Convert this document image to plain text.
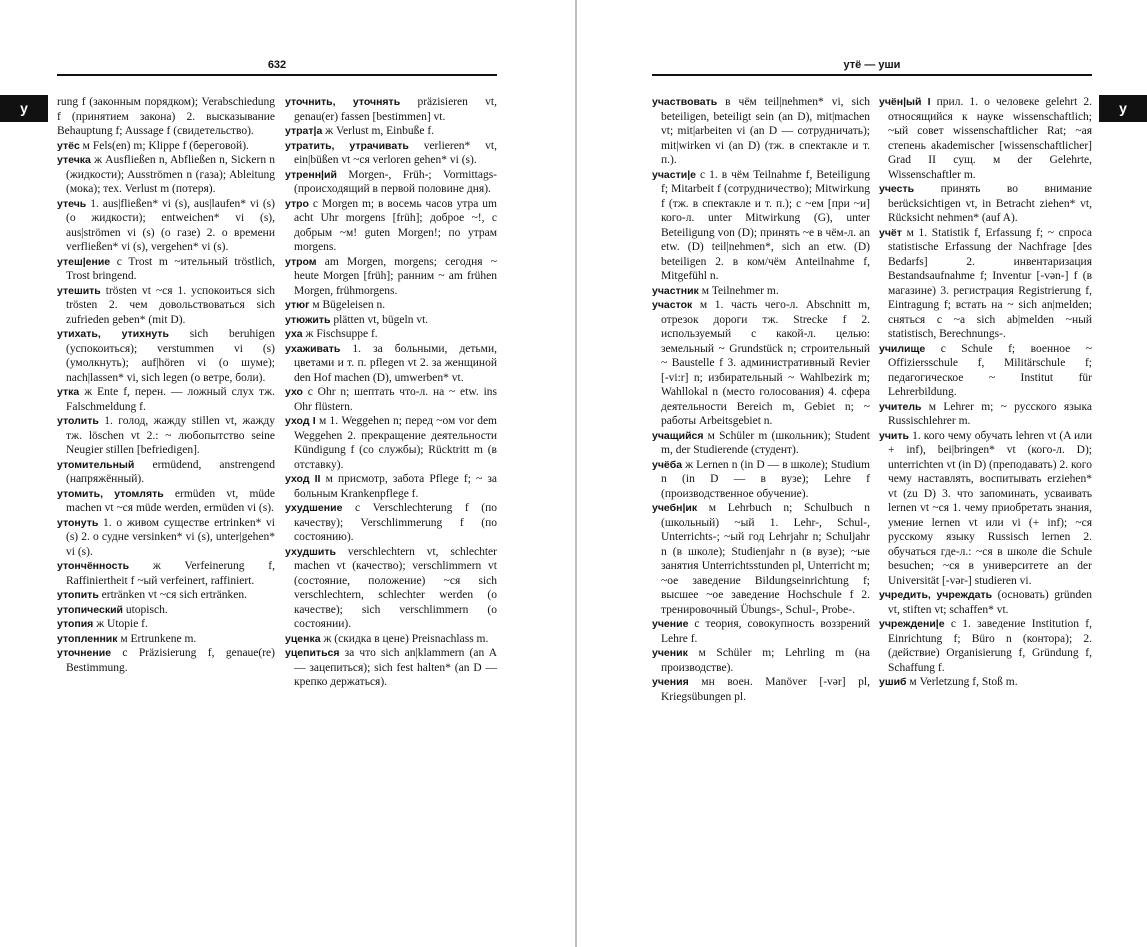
632
у	rung f (законным порядком); Verabschiedung f (принятием закона) 2. высказывание Behauptung f; Aussage f (свидетельство).

утёс м Fels(en) m; Klippe f (береговой).

утечка ж Ausfließen n, Abfließen n, Sickern n (жидкости); Ausströmen n (газа); Ableitung (мока); тех. Verlust m (потеря).

утечь 1. aus|fließen* vi (s), aus|laufen* vi (s) (о жидкости); entweichen* vi (s), aus|strömen vi (s) (о газе) 2. о времени verfließen* vi (s), vergehen* vi (s).

утеш|ение с Trost m ~ительный tröstlich, Trost bringend.

утешить trösten vt ~ся 1. успокоиться sich trösten 2. чем довольствоваться sich zufrieden geben* (mit D).

утихать, утихнуть sich beruhigen (успокоиться); verstummen vi (s) (умолкнуть); auf|hören vi (о шуме); nach|lassen* vi, sich legen (о ветре, боли).

утка ж Ente f, перен. — ложный слух тж. Falschmeldung f.

утолить 1. голод, жажду stillen vt, жажду тж. löschen vt 2.: ~ любопытство seine Neugier stillen [befriedigen].

утомительный ermüdend, anstrengend (напряжённый).

утомить, утомлять ermüden vt, müde machen vt ~ся müde werden, ermüden vi (s).

утонуть 1. о живом существе ertrinken* vi (s) 2. о судне versinken* vi (s), unter|gehen* vi (s).

утончённость ж Verfeinerung f, Raffiniertheit f ~ый verfeinert, raffiniert.

утопить ertränken vt ~ся sich ertränken.

утопический utopisch.

утопия ж Utopie f.

утопленник м Ertrunkene m.

уточнение с Präzisierung f, genaue(re) Bestimmung.

уточнить, уточнять präzisieren vt, genau(er) fassen [bestimmen] vt.

утрат|а ж Verlust m, Einbuße f.

утратить, утрачивать verlieren* vt, ein|büßen vt ~ся verloren gehen* vi (s).

утренн|ий Morgen-, Früh-; Vormittags- (происходящий в первой половине дня).

утро с Morgen m; в восемь часов утра um acht Uhr morgens [früh]; доброе ~!, с добрым ~м! guten Morgen!; по утрам morgens.

утром am Morgen, morgens; сегодня ~ heute Morgen [früh]; ранним ~ am frühen Morgen, frühmorgens.

утюг м Bügeleisen n.

утюжить plätten vt, bügeln vt.

уха ж Fischsuppe f.

ухаживать 1. за больными, детьми, цветами и т. п. pflegen vt 2. за женщиной den Hof machen (D), umwerben* vt.

ухо с Ohr n; шептать что-л. на ~ etw. ins Ohr flüstern.

уход I м 1. Weggehen n; перед ~ом vor dem Weggehen 2. прекращение деятельности Kündigung f (со службы); Rücktritt m (в отставку).

уход II м присмотр, забота Pflege f; ~ за больным Krankenpflege f.

ухудшение с Verschlechterung f (по качеству); Verschlimmerung f (по состоянию).

ухудшить verschlechtern vt, schlechter machen vt (качество); verschlimmern vt (состояние, положение) ~ся sich verschlechtern, schlechter werden (о качестве); sich verschlimmern (о состоянии).

уценка ж (скидка в цене) Preisnachlass m.

уцепиться за что sich an|klammern (an A — зацепиться); sich fest halten* (an D — крепко держаться).

утё — уши
у

участвовать в чём teil|nehmen* vi, sich beteiligen, beteiligt sein (an D), mit|machen vt; mit|arbeiten vi (an D — сотрудничать); mit|wirken vi (an D) (тж. в спектакле и т. п.).

участи|е с 1. в чём Teilnahme f, Beteiligung f; Mitarbeit f (сотрудничество); Mitwirkung f (тж. в спектакле и т. п.); с ~ем [при ~и] кого-л. unter Mitwirkung (G), unter Beteiligung von (D); принять ~е в чём-л. an etw. (D) teil|nehmen*, sich an etw. (D) beteiligen 2. в ком/чём Anteilnahme f, Mitgefühl n.

участник м Teilnehmer m.

участок м 1. часть чего-л. Abschnitt m, отрезок дороги тж. Strecke f 2. используемый с какой-л. целью: земельный ~ Grundstück n; строительный ~ Baustelle f 3. административный Revier [-vi:r] n; избирательный ~ Wahlbezirk m; Wahllokal n (место голосования) 4. сфера деятельности Bereich m, Gebiet n; ~ работы Arbeitsgebiet n.

учащийся м Schüler m (школьник); Student m, der Studierende (студент).

учёба ж Lernen n (in D — в школе); Studium n (in D — в вузе); Lehre f (производственное обучение).

учебн|ик м Lehrbuch n; Schulbuch n (школьный) ~ый 1. Lehr-, Schul-, Unterrichts-; ~ый год Lehrjahr n; Schuljahr n (в школе); Studienjahr n (в вузе); ~ые занятия Unterrichtsstunden pl, Unterricht m; ~ое заведение Bildungseinrichtung f; высшее ~ое заведение Hochschule f 2. тренировочный Übungs-, Schul-, Probe-.

учение с теория, совокупность воззрений Lehre f.

ученик м Schüler m; Lehrling m (на производстве).

учения мн воен. Manöver [-vər] pl, Kriegsübungen pl.

учён|ый I прил. 1. о человеке gelehrt 2. относящийся к науке wissenschaftlich; ~ый совет wissenschaftlicher Rat; ~ая степень akademischer [wissenschaftlicher] Grad II сущ. м der Gelehrte, Wissenschaftler m.

учесть принять во внимание berücksichtigen vt, in Betracht ziehen* vt, Rücksicht nehmen* (auf A).

учёт м 1. Statistik f, Erfassung f; ~ спроса statistische Erfassung der Nachfrage [des Bedarfs] 2. инвентаризация Bestandsaufnahme f; Inventur [-vən-] f (в магазине) 3. регистрация Registrierung f, Eintragung f; встать на ~ sich an|melden; сняться с ~а sich ab|melden ~ный statistisch, Berechnungs-.

училище с Schule f; военное ~ Offiziersschule f, Militärschule f; педагогическое ~ Institut für Lehrerbildung.

учитель м Lehrer m; ~ русского языка Russischlehrer m.

учить 1. кого чему обучать lehren vt (A или + inf), bei|bringen* vt (кого-л. D); unterrichten vt (in D) (преподавать) 2. кого чему наставлять, воспитывать erziehen* vt (zu D) 3. что запоминать, усваивать lernen vt ~ся 1. чему приобретать знания, умение lernen vt или vi (+ inf); ~ся русскому языку Russisch lernen 2. обучаться где-л.: ~ся в школе die Schule besuchen; ~ся в университете an der Universität [-vər-] studieren vi.

учредить, учреждать (основать) gründen vt, stiften vt; schaffen* vt.

учреждени|е с 1. заведение Institution f, Einrichtung f; Büro n (контора); 2. (действие) Organisierung f, Gründung f, Schaffung f.

ушиб м Verletzung f, Stoß m.
